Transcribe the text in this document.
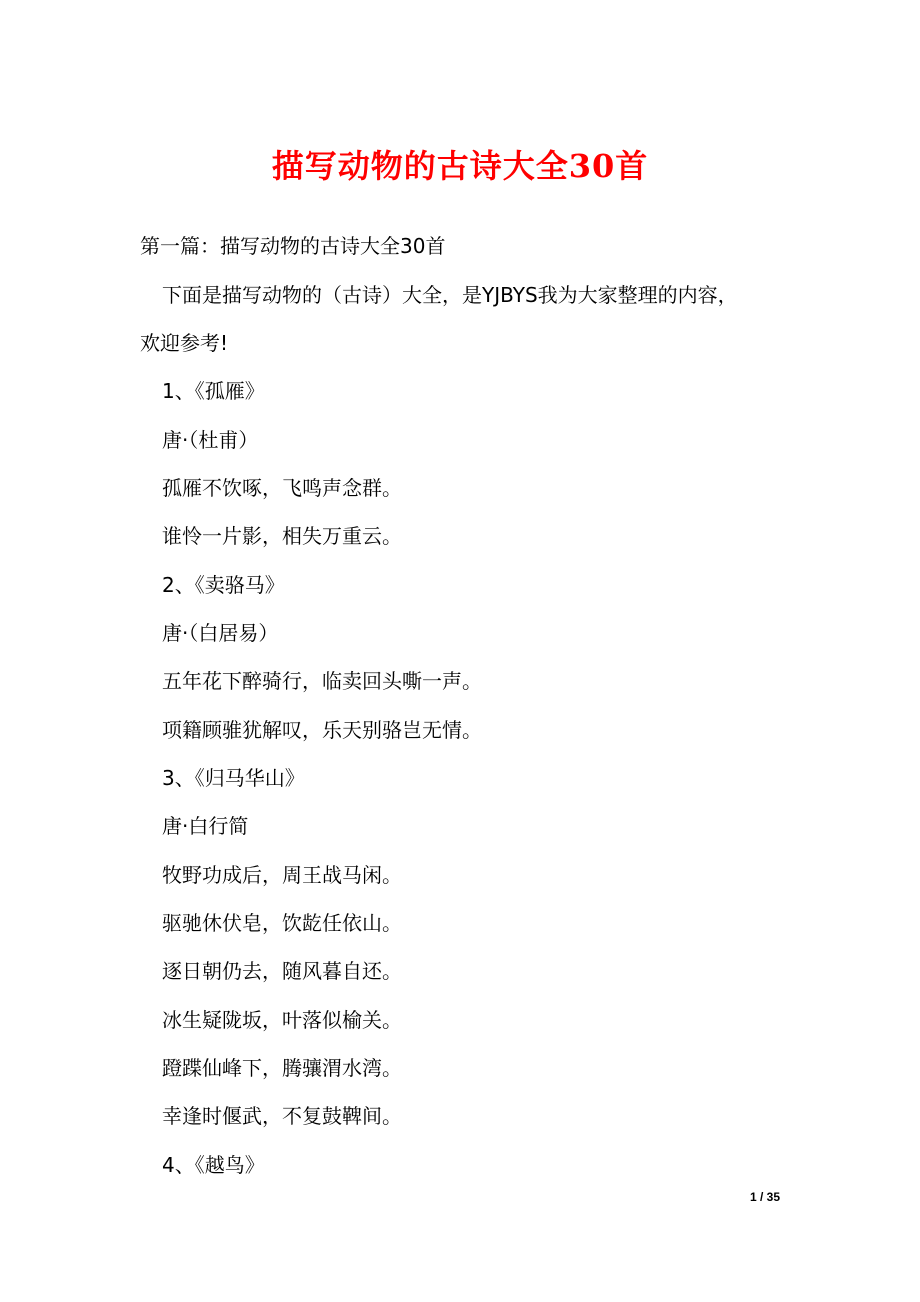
描写动物的古诗大全30首
第一篇：描写动物的古诗大全30首
下面是描写动物的（古诗）大全，是YJBYS我为大家整理的内容，
欢迎参考!
1、《孤雁》
唐·（杜甫）
孤雁不饮啄，飞鸣声念群。
谁怜一片影，相失万重云。
2、《卖骆马》
唐·（白居易）
五年花下醉骑行，临卖回头嘶一声。
项籍顾骓犹解叹，乐天别骆岂无情。
3、《归马华山》
唐·白行简
牧野功成后，周王战马闲。
驱驰休伏皂，饮龁任依山。
逐日朝仍去，随风暮自还。
冰生疑陇坂，叶落似榆关。
蹬蹀仙峰下，腾骧渭水湾。
幸逢时偃武，不复鼓鞞间。
4、《越鸟》
1 / 35
